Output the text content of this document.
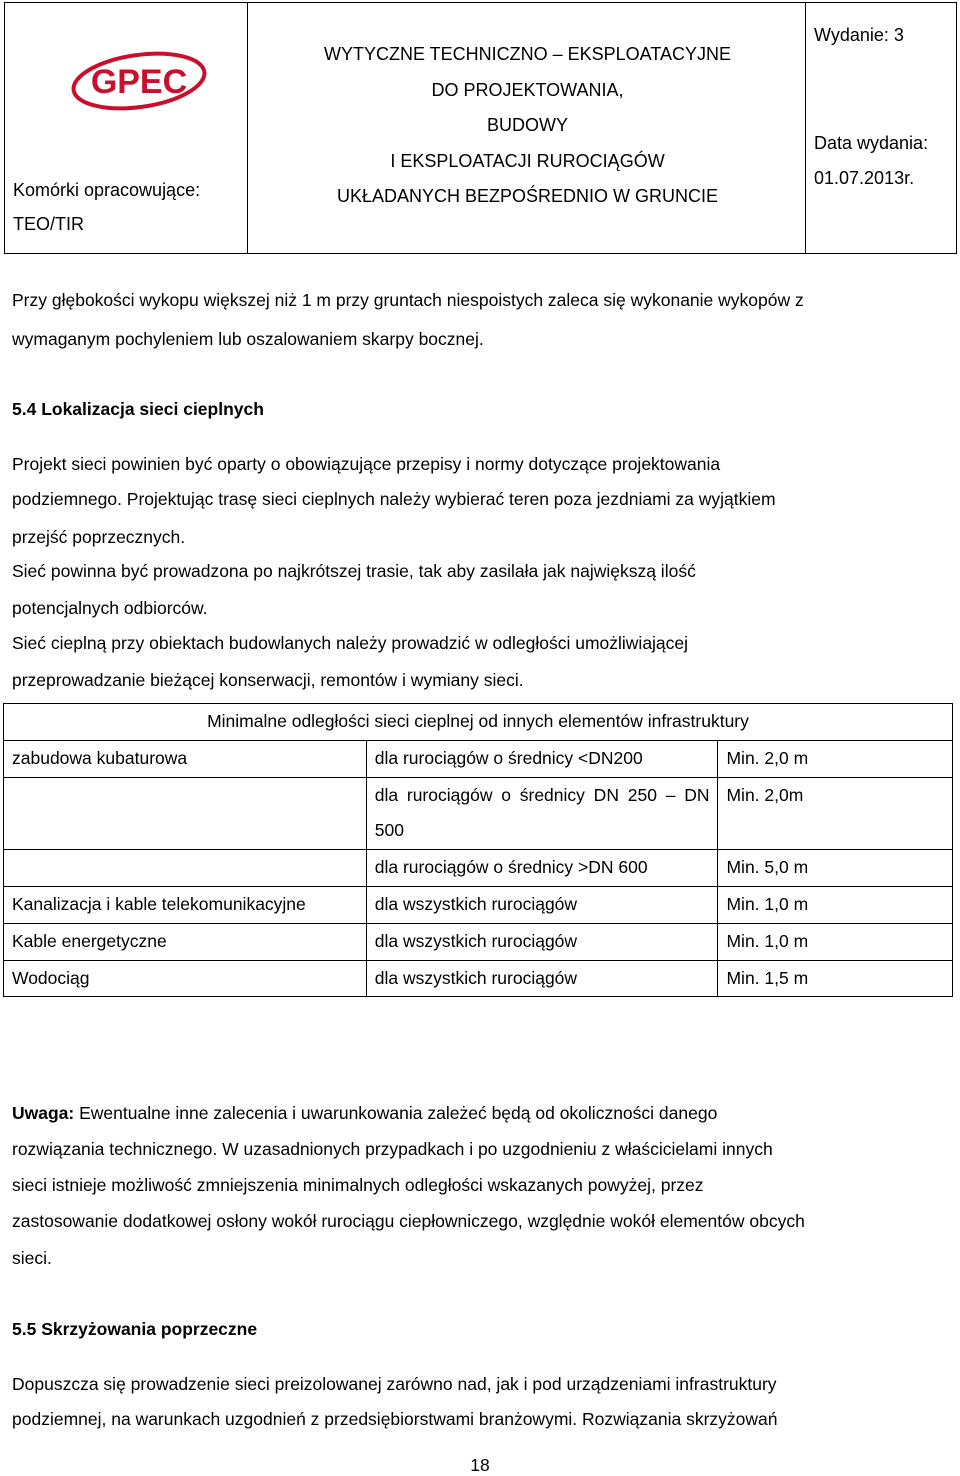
GPEC
Komórki opracowujące:
TEO/TIR
WYTYCZNE TECHNICZNO – EKSPLOATACYJNE
DO PROJEKTOWANIA,
BUDOWY
I EKSPLOATACJI RUROCIĄGÓW
UKŁADANYCH BEZPOŚREDNIO W GRUNCIE
Wydanie: 3
Data wydania:
01.07.2013r.
Przy głębokości wykopu większej niż 1 m przy gruntach niespoistych zaleca się wykonanie wykopów z
wymaganym pochyleniem lub oszalowaniem skarpy bocznej.
5.4 Lokalizacja sieci cieplnych
Projekt sieci powinien być oparty o obowiązujące przepisy i normy dotyczące projektowania
podziemnego. Projektując trasę sieci cieplnych należy wybierać teren poza jezdniami za wyjątkiem
przejść poprzecznych.
Sieć powinna być prowadzona po najkrótszej trasie, tak aby zasilała jak największą ilość
potencjalnych odbiorców.
Sieć cieplną przy obiektach budowlanych należy prowadzić w odległości umożliwiającej
przeprowadzanie bieżącej konserwacji, remontów i wymiany sieci.
Minimalne odległości sieci cieplnej od innych elementów infrastruktury		
zabudowa kubaturowa	dla rurociągów o średnicy <DN200	Min. 2,0 m
	dla rurociągów o średnicy DN 250 – DN 500	Min. 2,0m
	dla rurociągów o średnicy >DN 600	Min. 5,0 m
Kanalizacja i kable telekomunikacyjne	dla wszystkich rurociągów	Min. 1,0 m
Kable energetyczne	dla wszystkich rurociągów	Min. 1,0 m
Wodociąg	dla wszystkich rurociągów	Min. 1,5 m
Uwaga: Ewentualne inne zalecenia i uwarunkowania zależeć będą od okoliczności danego
rozwiązania technicznego. W uzasadnionych przypadkach i po uzgodnieniu z właścicielami innych
sieci istnieje możliwość zmniejszenia minimalnych odległości wskazanych powyżej, przez
zastosowanie dodatkowej osłony wokół rurociągu ciepłowniczego, względnie wokół elementów obcych
sieci.
5.5 Skrzyżowania poprzeczne
Dopuszcza się prowadzenie sieci preizolowanej zarówno nad, jak i pod urządzeniami infrastruktury
podziemnej, na warunkach uzgodnień z przedsiębiorstwami branżowymi. Rozwiązania skrzyżowań
18
